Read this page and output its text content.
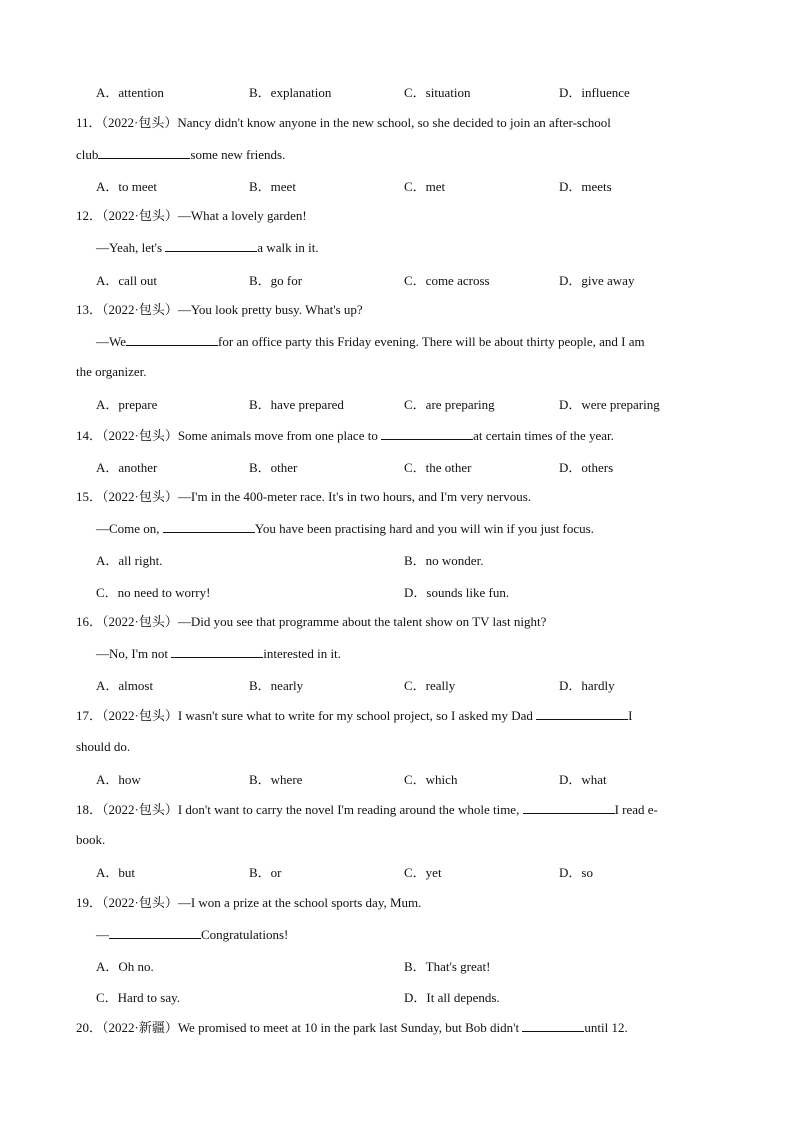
A．attention	B．explanation	C．situation	D．influence
11．（2022·包头）Nancy didn't know anyone in the new school, so she decided to join an after-school
club	some new friends.
A．to meet	B．meet	C．met	D．meets
12．（2022·包头）—What a lovely garden!
—Yeah, let's	a walk in it.
A．call out	B．go for	C．come across	D．give away
13．（2022·包头）—You look pretty busy. What's up?
—We	for an office party this Friday evening. There will be about thirty people, and I am
the organizer.
A．prepare	B．have prepared	C．are preparing	D．were preparing
14．（2022·包头）Some animals move from one place to	at certain times of the year.
A．another	B．other	C．the other	D．others
15．（2022·包头）—I'm in the 400-meter race. It's in two hours, and I'm very nervous.
—Come on,	You have been practising hard and you will win if you just focus.
A．all right.	B．no wonder.
C．no need to worry!	D．sounds like fun.
16．（2022·包头）—Did you see that programme about the talent show on TV last night?
—No, I'm not	interested in it.
A．almost	B．nearly	C．really	D．hardly
17．（2022·包头）I wasn't sure what to write for my school project, so I asked my Dad	I
should do.
A．how	B．where	C．which	D．what
18．（2022·包头）I don't want to carry the novel I'm reading around the whole time,	I read e-
book.
A．but	B．or	C．yet	D．so
19．（2022·包头）—I won a prize at the school sports day, Mum.
—	Congratulations!
A．Oh no.	B．That's great!
C．Hard to say.	D．It all depends.
20．（2022·新疆）We promised to meet at 10 in the park last Sunday, but Bob didn't	until 12.
